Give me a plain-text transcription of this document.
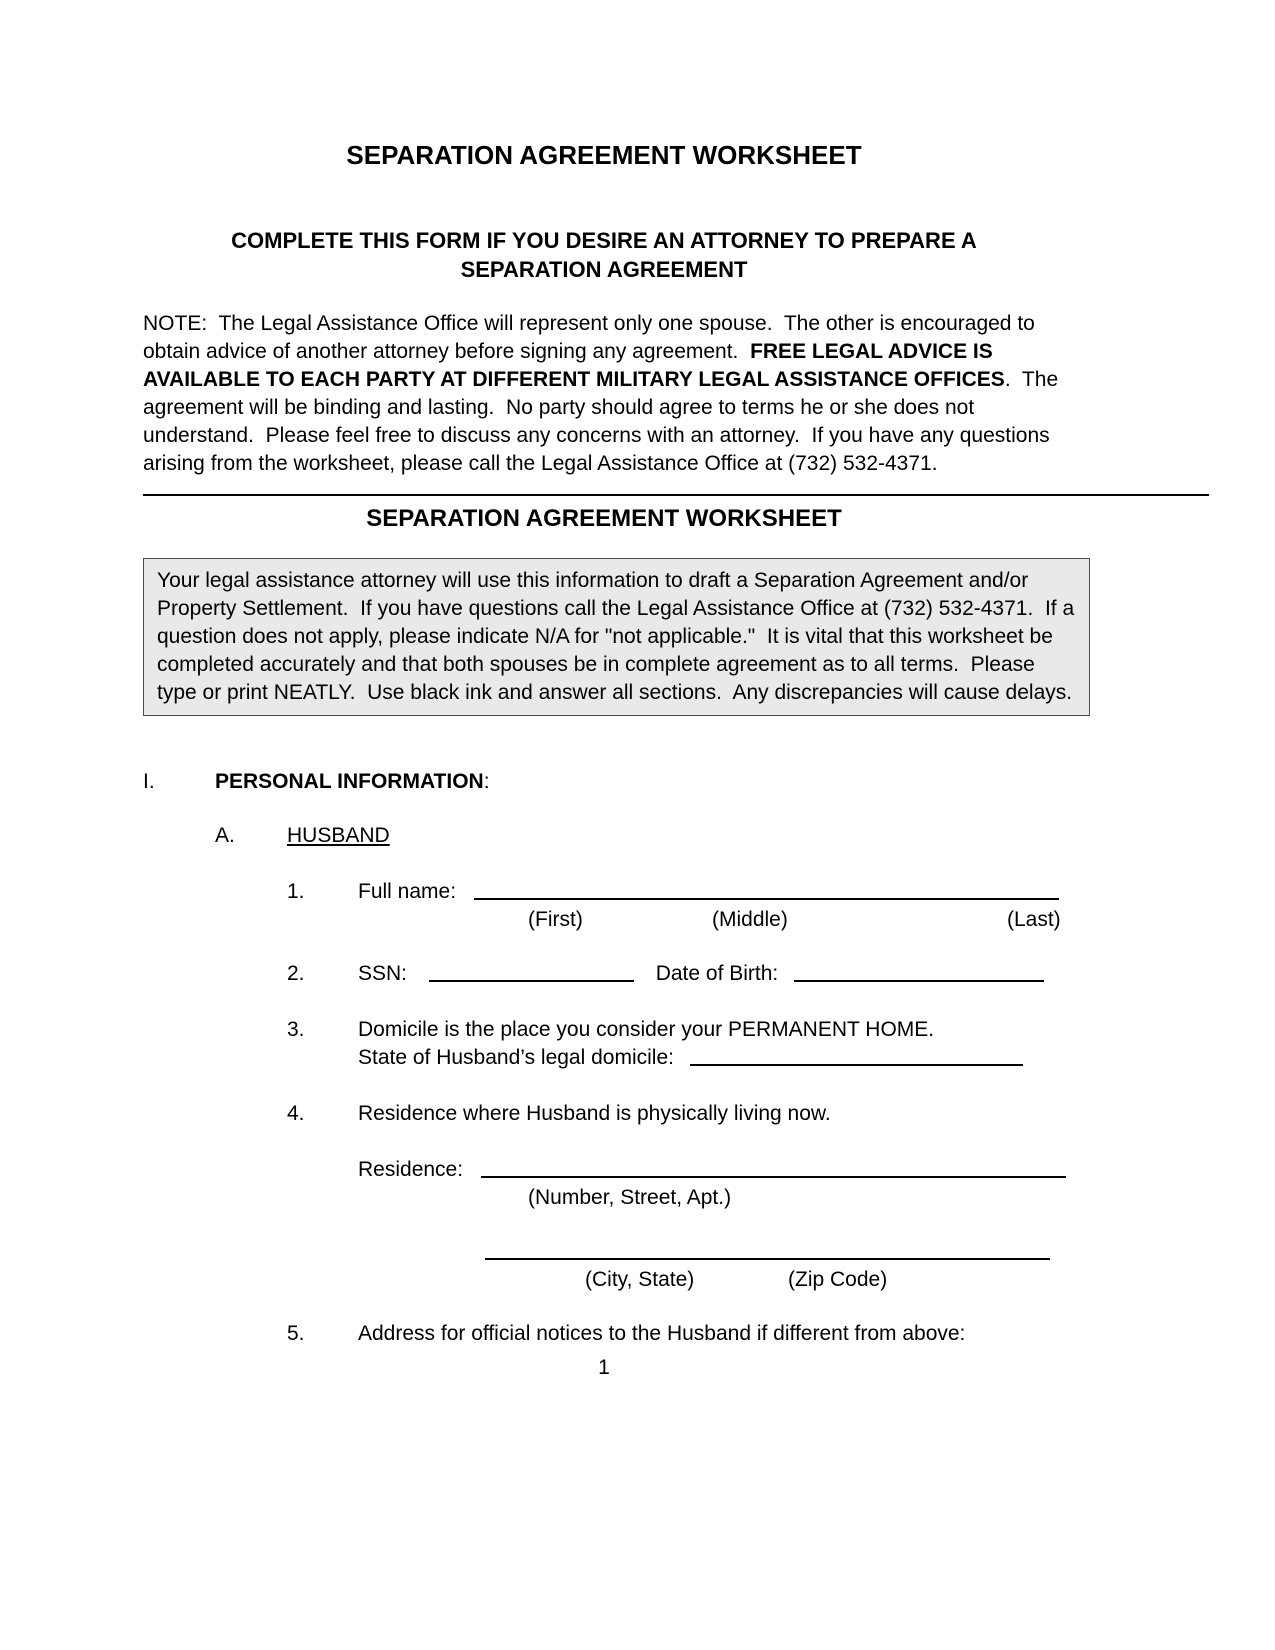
SEPARATION AGREEMENT WORKSHEET
COMPLETE THIS FORM IF YOU DESIRE AN ATTORNEY TO PREPARE A
SEPARATION AGREEMENT

NOTE:  The Legal Assistance Office will represent only one spouse.  The other is encouraged to obtain advice of another attorney before signing any agreement.  FREE LEGAL ADVICE IS AVAILABLE TO EACH PARTY AT DIFFERENT MILITARY LEGAL ASSISTANCE OFFICES.  The agreement will be binding and lasting.  No party should agree to terms he or she does not understand.  Please feel free to discuss any concerns with an attorney.  If you have any questions arising from the worksheet, please call the Legal Assistance Office at (732) 532-4371.

SEPARATION AGREEMENT WORKSHEET
Your legal assistance attorney will use this information to draft a Separation Agreement and/or Property Settlement.  If you have questions call the Legal Assistance Office at (732) 532-4371.  If a question does not apply, please indicate N/A for "not applicable."  It is vital that this worksheet be completed accurately and that both spouses be in complete agreement as to all terms.  Please type or print NEATLY.  Use black ink and answer all sections.  Any discrepancies will cause delays.
I.	PERSONAL INFORMATION:
A.	HUSBAND
1.	Full name:
(First)	(Middle)	(Last)
2.	SSN:	Date of Birth:
3.	Domicile is the place you consider your PERMANENT HOME.
State of Husband’s legal domicile:
4.	Residence where Husband is physically living now.
Residence:
(Number, Street, Apt.)
(City, State)	(Zip Code)
5.	Address for official notices to the Husband if different from above:
1
